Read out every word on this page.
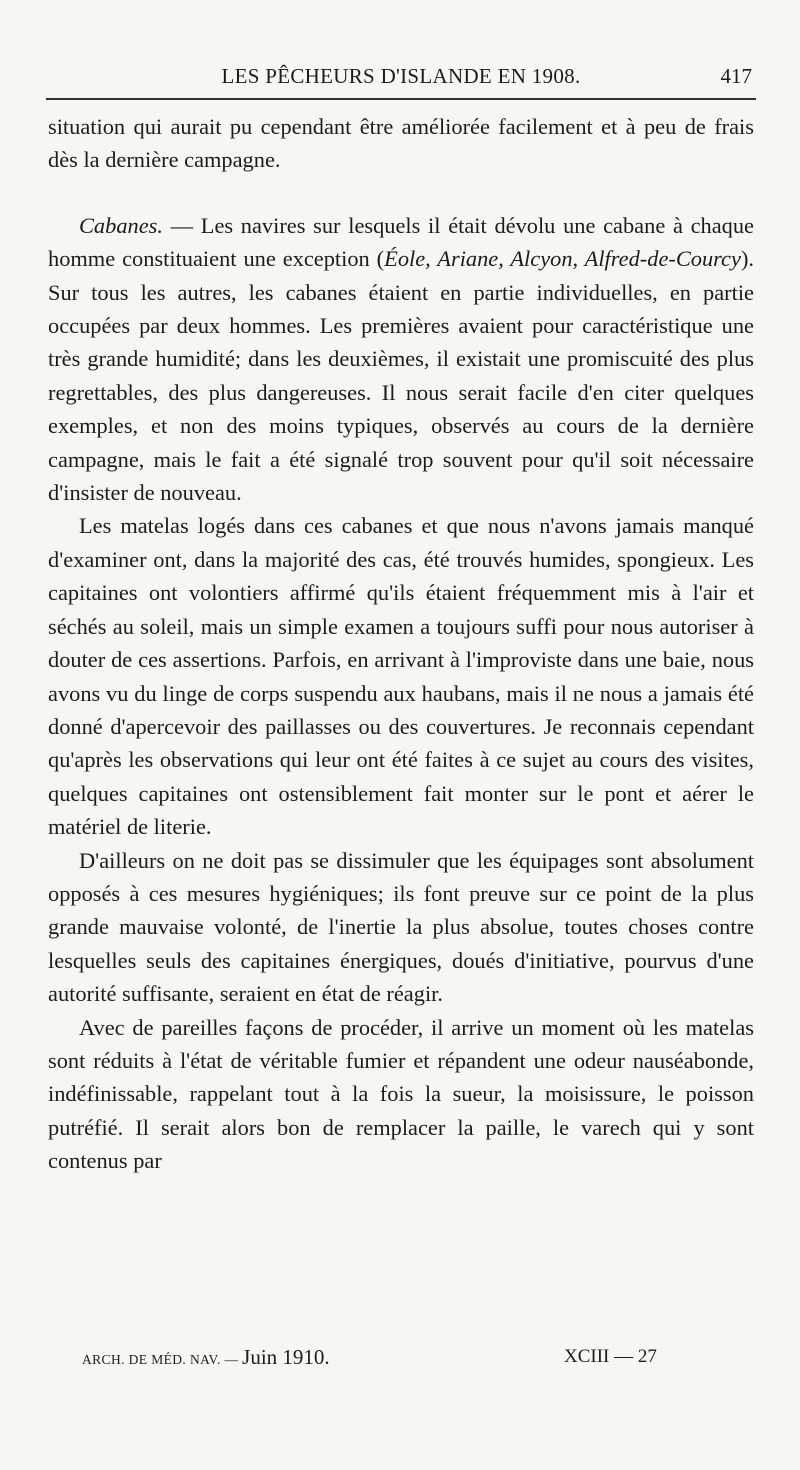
LES PÊCHEURS D'ISLANDE EN 1908.	417

situation qui aurait pu cependant être améliorée facilement et à peu de frais dès la dernière campagne.

Cabanes. — Les navires sur lesquels il était dévolu une cabane à chaque homme constituaient une exception (Éole, Ariane, Alcyon, Alfred-de-Courcy). Sur tous les autres, les cabanes étaient en partie individuelles, en partie occupées par deux hommes. Les premières avaient pour caractéristique une très grande humidité; dans les deuxièmes, il existait une promiscuité des plus regrettables, des plus dangereuses. Il nous serait facile d'en citer quelques exemples, et non des moins typiques, observés au cours de la dernière campagne, mais le fait a été signalé trop souvent pour qu'il soit nécessaire d'insister de nouveau.

Les matelas logés dans ces cabanes et que nous n'avons jamais manqué d'examiner ont, dans la majorité des cas, été trouvés humides, spongieux. Les capitaines ont volontiers affirmé qu'ils étaient fréquemment mis à l'air et séchés au soleil, mais un simple examen a toujours suffi pour nous autoriser à douter de ces assertions. Parfois, en arrivant à l'improviste dans une baie, nous avons vu du linge de corps suspendu aux haubans, mais il ne nous a jamais été donné d'apercevoir des paillasses ou des couvertures. Je reconnais cependant qu'après les observations qui leur ont été faites à ce sujet au cours des visites, quelques capitaines ont ostensiblement fait monter sur le pont et aérer le matériel de literie.

D'ailleurs on ne doit pas se dissimuler que les équipages sont absolument opposés à ces mesures hygiéniques; ils font preuve sur ce point de la plus grande mauvaise volonté, de l'inertie la plus absolue, toutes choses contre lesquelles seuls des capitaines énergiques, doués d'initiative, pourvus d'une autorité suffisante, seraient en état de réagir.

Avec de pareilles façons de procéder, il arrive un moment où les matelas sont réduits à l'état de véritable fumier et répandent une odeur nauséabonde, indéfinissable, rappelant tout à la fois la sueur, la moisissure, le poisson putréfié. Il serait alors bon de remplacer la paille, le varech qui y sont contenus par

ARCH. DE MÉD. NAV. — Juin 1910.	XCIII — 27
